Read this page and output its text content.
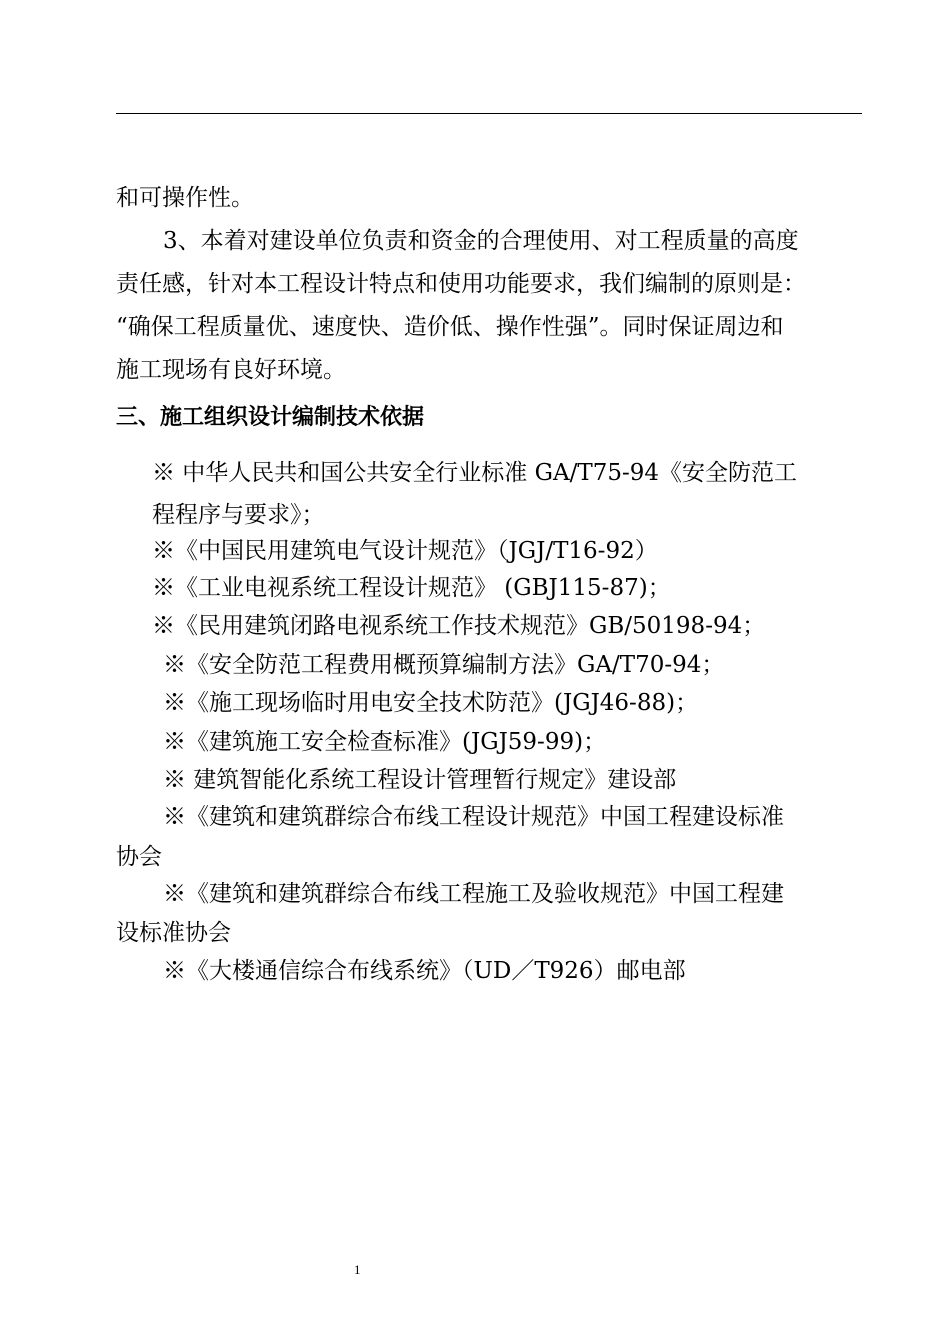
和可操作性。
3、本着对建设单位负责和资金的合理使用、对工程质量的高度
责任感，针对本工程设计特点和使用功能要求，我们编制的原则是：
“确保工程质量优、速度快、造价低、操作性强”。同时保证周边和
施工现场有良好环境。
三、施工组织设计编制技术依据
※ 中华人民共和国公共安全行业标准 GA/T75-94《安全防范工
程程序与要求》；
※《中国民用建筑电气设计规范》（JGJ/T16-92）
※《工业电视系统工程设计规范》 (GBJ115-87)；
※《民用建筑闭路电视系统工作技术规范》GB/50198-94；
※《安全防范工程费用概预算编制方法》GA/T70-94；
※《施工现场临时用电安全技术防范》(JGJ46-88)；
※《建筑施工安全检查标准》(JGJ59-99)；
※ 建筑智能化系统工程设计管理暂行规定》建设部
※《建筑和建筑群综合布线工程设计规范》中国工程建设标准
协会
※《建筑和建筑群综合布线工程施工及验收规范》中国工程建
设标准协会
※《大楼通信综合布线系统》（UD／T926）邮电部
1
